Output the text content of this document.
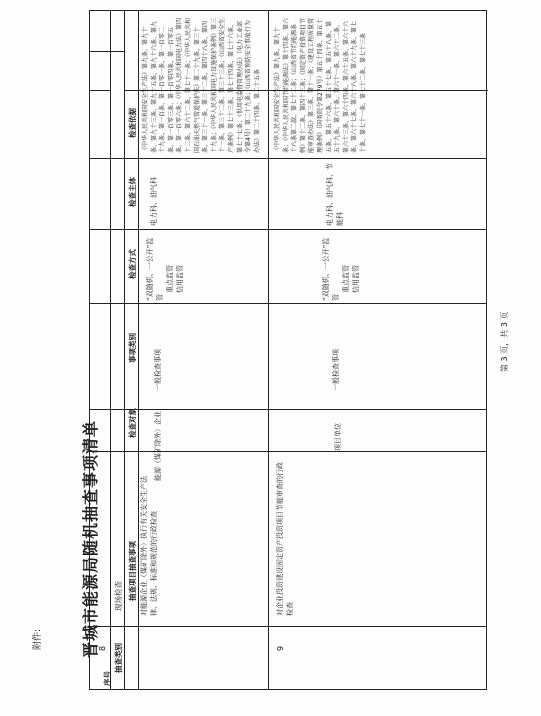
附件: 晋城市能源局随机抽查事项清单
第 3 页，共 3 页
序号
抽查类别
抽查项目
抽查事项
检查对象
事项类别
检查方式
检查主体
检查依据
现场检查
8
对能源企业（煤矿除外）执行有关安全生产法律、法规、标准和规范的行政检查
能源（煤矿除外）企业
一般检查事项
“双随机、一公开”监管
重点监管 信用监管
电力科、油气科
《中华人民共和国安全生产法》第九条、第九十条、第九十三条、第九十五条、第九十六条、第九十九条、第一百条、第一百零一条、第一百零二条、第一百零三条、第一百零四条、第一百零五条、第一百零六条；《中华人民共和国电力法》第四十二条、第六十二条、第七十一条；《中华人民共和国石油天然气管道保护法》第二十九条、第三十条、第三十一条、第三十二条、第四十八条、第四十九条；《中华人民共和国电力设施保护条例》第三十一条、第三十二条、第三十三条；《山西省安全生产条例》第七十三条、第七十四条、第七十六条、第七十七条；《供用电监督管理办法》（电力工业部令第4号）第二十九条；《山西省预防安全事故行为办法》第二十四条、第二十五条
9
对企业投资建设固定资产投资项目节能审查的行政检查
项目单位
一般检查事项
“双随机、一公开”监管
重点监管 信用监管
电力科、油气科、节能科
《中华人民共和国安全生产法》第九条、第九十条；《中华人民共和国节约能源法》第十四条、第六十八条第二款、第七十二条；《山西省节约能源条例》第十二条、第四十三条；《固定资产投资项目节能审查办法》第三条、第十一条；《建设工程质量管理条例》（国务院令第279号）第五十四条、第五十五条、第五十六条、第五十七条、第五十八条、第五十九条、第六十条、第六十一条、第六十二条、第六十三条、第六十四条、第六十五条、第六十六条、第六十七条、第六十八条、第六十九条、第七十条、第七十一条、第七十二条、第七十三条
